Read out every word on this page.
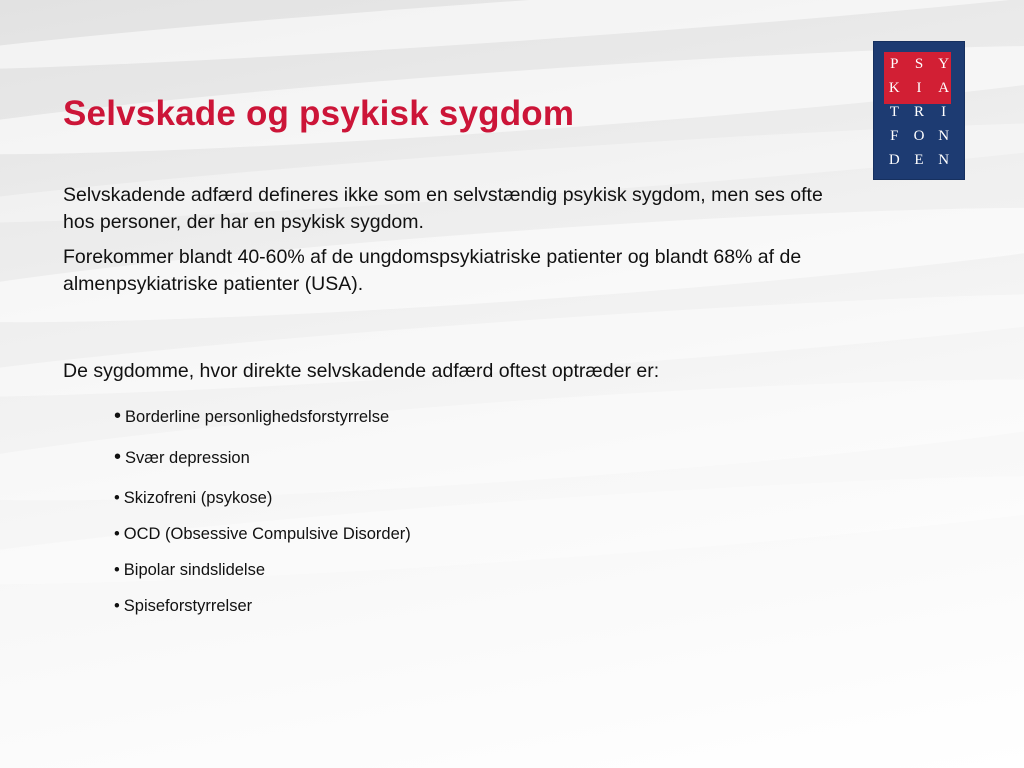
Selvskade og psykisk sygdom

Selvskadende adfærd defineres ikke som en selvstændig psykisk sygdom, men ses ofte hos personer, der har en psykisk sygdom.

Forekommer blandt 40-60% af de ungdomspsykiatriske patienter og blandt 68% af de almenpsykiatriske patienter (USA).

De sygdomme, hvor direkte selvskadende adfærd oftest optræder er:

• Borderline personlighedsforstyrrelse
• Svær depression
• Skizofreni (psykose)
• OCD (Obsessive Compulsive Disorder)
• Bipolar sindslidelse
• Spiseforstyrrelser
P	S	Y
K	I	A
T	R	I
F	O N
D E N
